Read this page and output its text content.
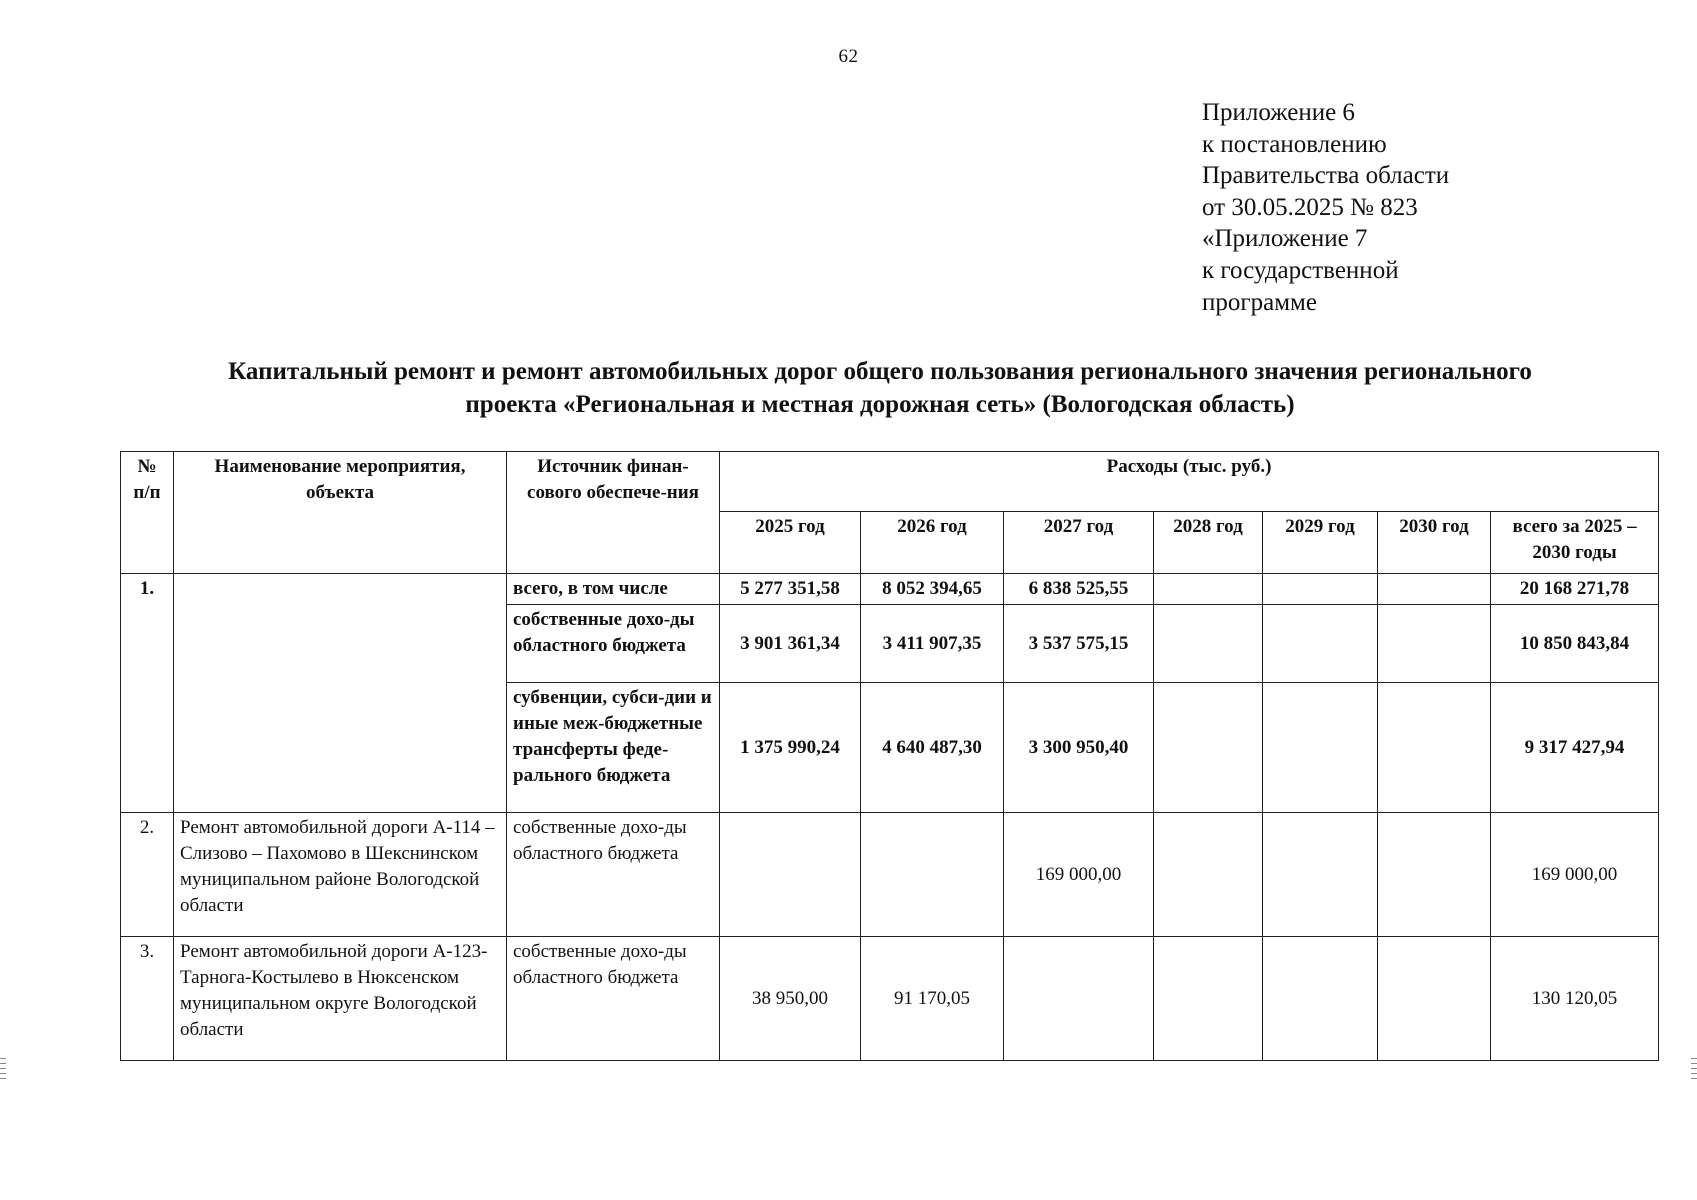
62
Приложение 6
к постановлению
Правительства области
от 30.05.2025 № 823
«Приложение 7
к государственной
программе
Капитальный ремонт и ремонт автомобильных дорог общего пользования регионального значения регионального
проекта «Региональная и местная дорожная сеть» (Вологодская область)
№ п/п	Наименование мероприятия, объекта	Источник финан-сового обеспече-ния	Расходы (тыс. руб.)						
			2025 год	2026 год	2027 год	2028 год	2029 год	2030 год	всего за 2025 – 2030 годы
1.		всего, в том числе	5 277 351,58	8 052 394,65	6 838 525,55				20 168 271,78
		собственные дохо-ды областного бюджета	3 901 361,34	3 411 907,35	3 537 575,15				10 850 843,84
		субвенции, субси-дии и иные меж-бюджетные трансферты феде-рального бюджета	1 375 990,24	4 640 487,30	3 300 950,40				9 317 427,94
2.	Ремонт автомобильной дороги А-114 – Слизово – Пахомово в Шекснинском муниципальном районе Вологодской области	собственные дохо-ды областного бюджета			169 000,00				169 000,00
3.	Ремонт автомобильной дороги А-123-Тарнога-Костылево в Нюксенском муниципальном округе Вологодской области	собственные дохо-ды областного бюджета	38 950,00	91 170,05					130 120,05
